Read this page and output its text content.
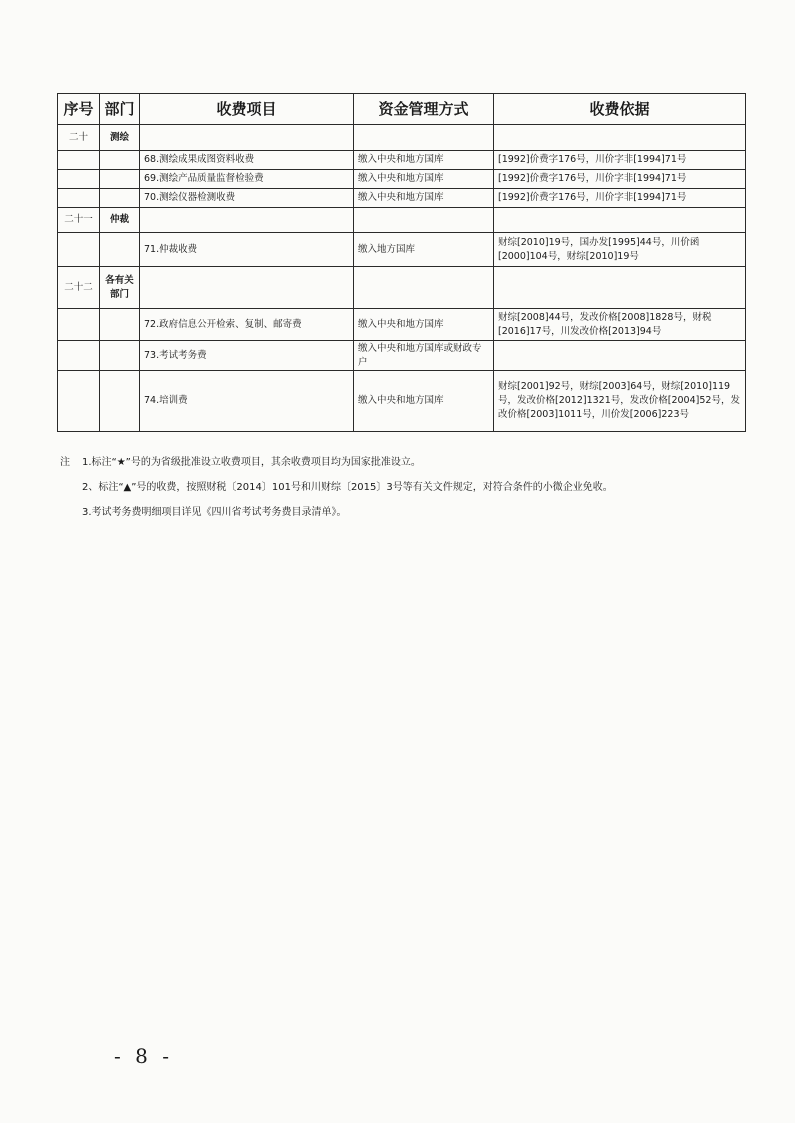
序号	部门	收费项目	资金管理方式	收费依据
二十	测绘			
		68.测绘成果成图资料收费	缴入中央和地方国库	[1992]价费字176号，川价字非[1994]71号
		69.测绘产品质量监督检验费	缴入中央和地方国库	[1992]价费字176号，川价字非[1994]71号
		70.测绘仪器检测收费	缴入中央和地方国库	[1992]价费字176号，川价字非[1994]71号
二十一	仲裁			
		71.仲裁收费	缴入地方国库	财综[2010]19号，国办发[1995]44号，川价函[2000]104号，财综[2010]19号
二十二	各有关部门			
		72.政府信息公开检索、复制、邮寄费	缴入中央和地方国库	财综[2008]44号，发改价格[2008]1828号，财税[2016]17号，川发改价格[2013]94号
		73.考试考务费	缴入中央和地方国库或财政专户	
		74.培训费	缴入中央和地方国库	财综[2001]92号，财综[2003]64号，财综[2010]119号，发改价格[2012]1321号，发改价格[2004]52号，发改价格[2003]1011号，川价发[2006]223号
注 1.标注“★”号的为省级批准设立收费项目，其余收费项目均为国家批准设立。
2、标注“▲”号的收费，按照财税〔2014〕101号和川财综〔2015〕3号等有关文件规定，对符合条件的小微企业免收。
3.考试考务费明细项目详见《四川省考试考务费目录清单》。
- 8 -
